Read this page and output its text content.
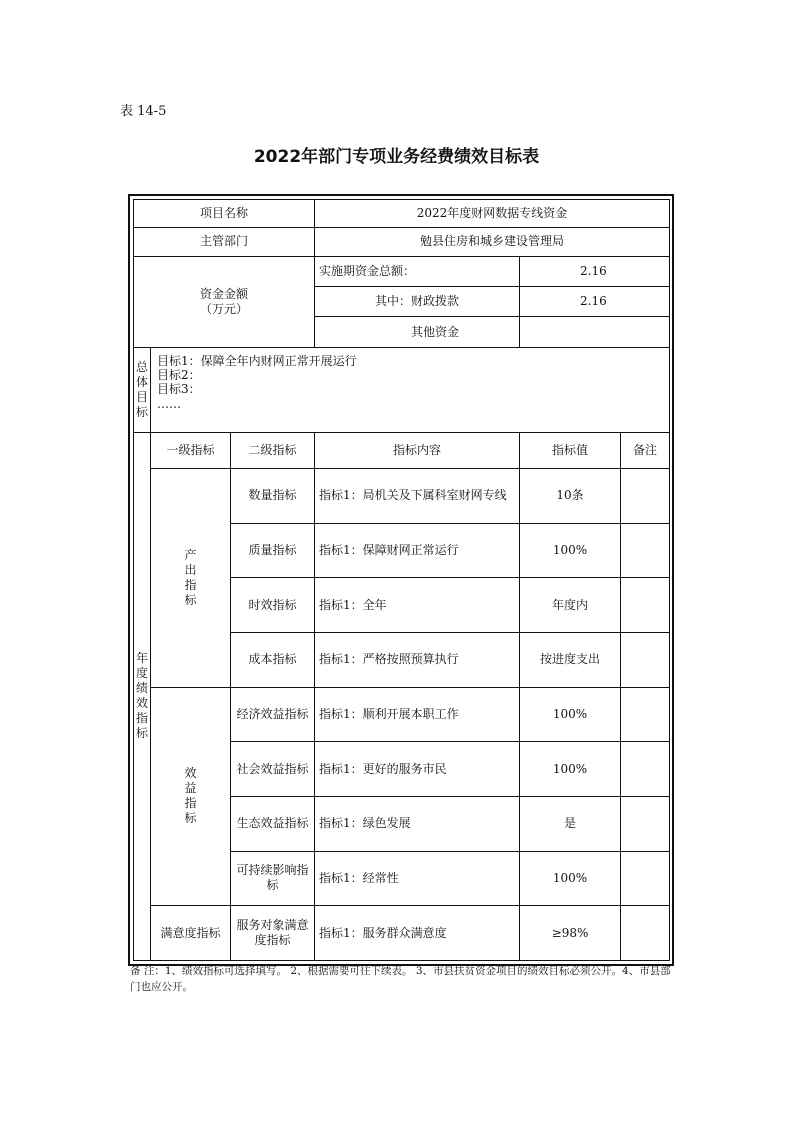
表 14-5
2022年部门专项业务经费绩效目标表
项目名称			2022年度财网数据专线资金		
主管部门			勉县住房和城乡建设管理局		

资金金额
（万元）			实施期资金总额：	2.16	
			其中：财政拨款	2.16	
			其他资金		
总体目标	目标1：保障全年内财网正常开展运行
目标2：
目标3：
……				

年度绩效指标	一级指标	二级指标	指标内容	指标值	备注
	产出指标	数量指标	指标1：局机关及下属科室财网专线	10条	
		质量指标	指标1：保障财网正常运行	100%	
		时效指标	指标1：全年	年度内	
		成本指标	指标1：严格按照预算执行	按进度支出	
	效益指标	经济效益指标	指标1：顺利开展本职工作	100%	
		社会效益指标	指标1：更好的服务市民	100%	
		生态效益指标	指标1：绿色发展	是	
		可持续影响指标	指标1：经常性	100%	
	满意度指标	服务对象满意度指标	指标1：服务群众满意度	≥98%	
备 注：1、绩效指标可选择填写。 2、根据需要可往下续表。 3、市县扶贫资金项目的绩效目标必须公开。4、市县部门也应公开。
